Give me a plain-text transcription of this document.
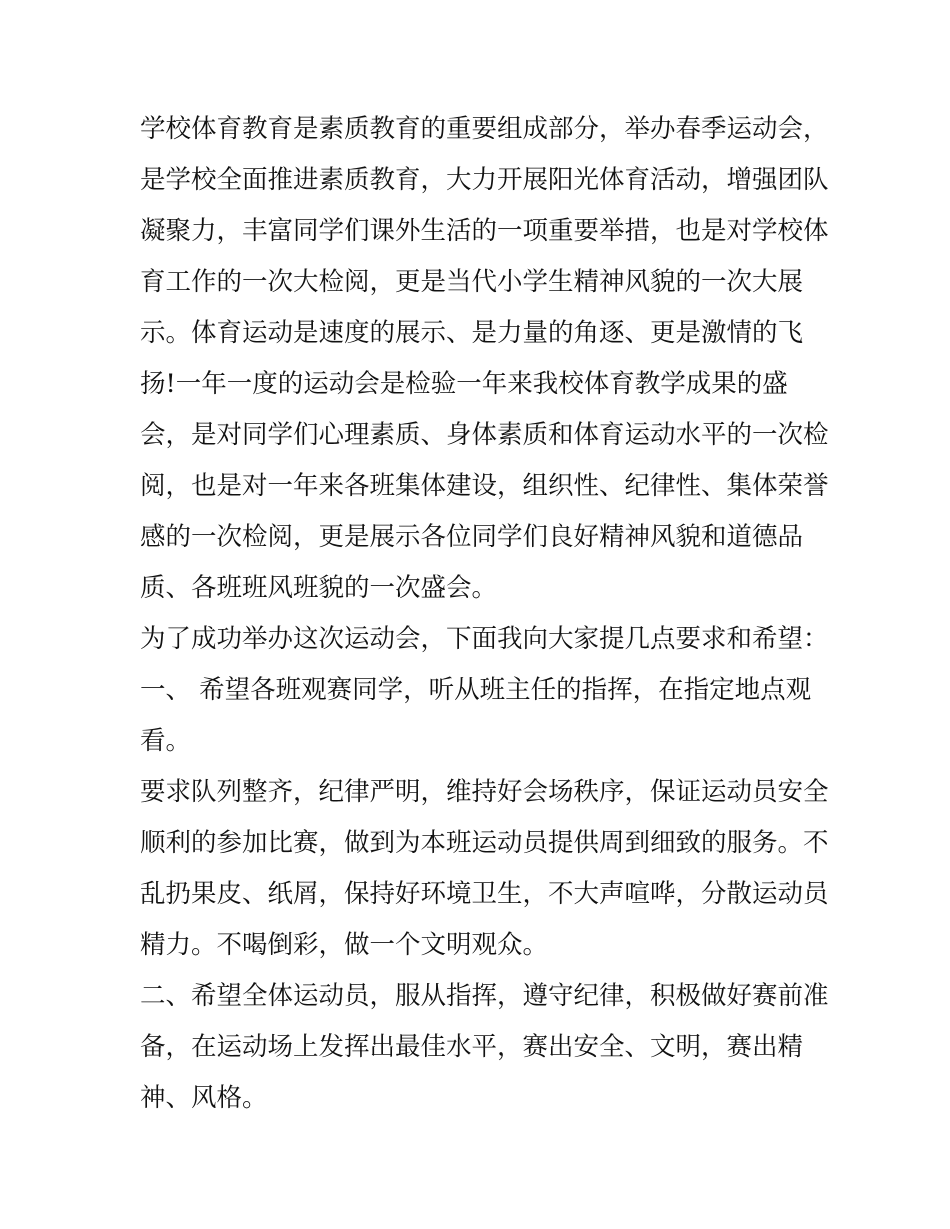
学校体育教育是素质教育的重要组成部分，举办春季运动会，
是学校全面推进素质教育，大力开展阳光体育活动，增强团队
凝聚力，丰富同学们课外生活的一项重要举措，也是对学校体
育工作的一次大检阅，更是当代小学生精神风貌的一次大展
示。体育运动是速度的展示、是力量的角逐、更是激情的飞
扬!一年一度的运动会是检验一年来我校体育教学成果的盛
会，是对同学们心理素质、身体素质和体育运动水平的一次检
阅，也是对一年来各班集体建设，组织性、纪律性、集体荣誉
感的一次检阅，更是展示各位同学们良好精神风貌和道德品
质、各班班风班貌的一次盛会。
为了成功举办这次运动会，下面我向大家提几点要求和希望：
一、 希望各班观赛同学，听从班主任的指挥，在指定地点观
看。
要求队列整齐，纪律严明，维持好会场秩序，保证运动员安全
顺利的参加比赛，做到为本班运动员提供周到细致的服务。不
乱扔果皮、纸屑，保持好环境卫生，不大声喧哗，分散运动员
精力。不喝倒彩，做一个文明观众。
二、希望全体运动员，服从指挥，遵守纪律，积极做好赛前准
备，在运动场上发挥出最佳水平，赛出安全、文明，赛出精
神、风格。
